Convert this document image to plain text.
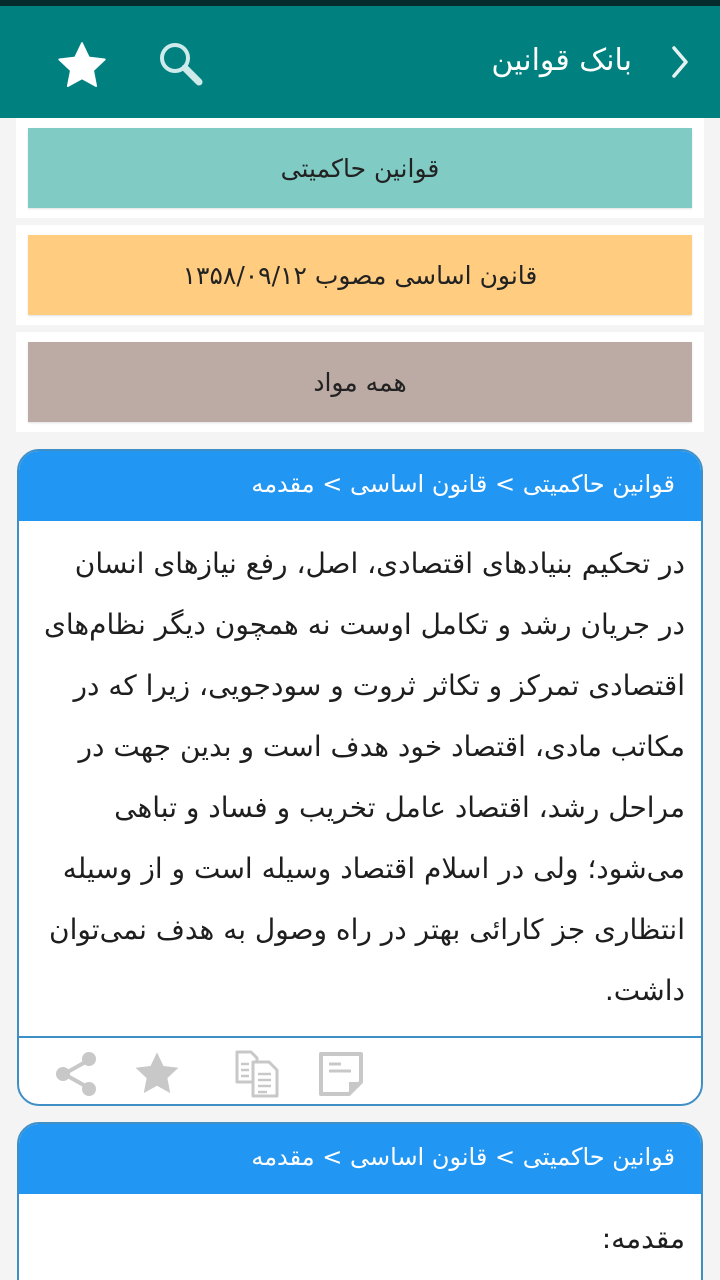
بانک قوانین
قوانین حاکمیتی
قانون اساسی مصوب ۱۳۵۸/۰۹/۱۲
همه مواد
قوانین حاکمیتی > قانون اساسی > مقدمه
در تحکیم بنیادهای اقتصادی، اصل، رفع نیازهای انسان در جریان رشد و تکامل اوست نه همچون دیگر نظام‌های اقتصادی تمرکز و تکاثر ثروت و سودجویی، زیرا که در مکاتب مادی، اقتصاد خود هدف است و بدین جهت در مراحل رشد، اقتصاد عامل تخریب و فساد و تباهی می‌شود؛ ولی در اسلام اقتصاد وسیله است و از وسیله انتظاری جز کارائی بهتر در راه وصول به هدف نمی‌توان داشت.
قوانین حاکمیتی > قانون اساسی > مقدمه
مقدمه:
